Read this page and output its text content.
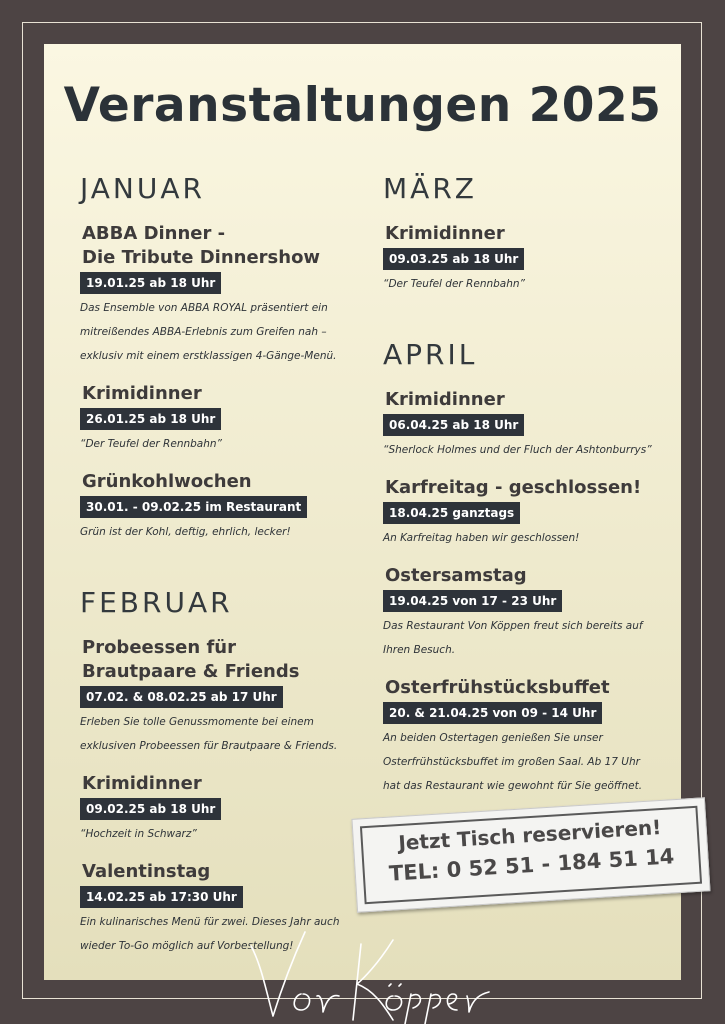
Veranstaltungen 2025
JANUAR
ABBA Dinner -
Die Tribute Dinnershow
19.01.25 ab 18 Uhr
Das Ensemble von ABBA ROYAL präsentiert ein
mitreißendes ABBA-Erlebnis zum Greifen nah –
exklusiv mit einem erstklassigen 4-Gänge-Menü.
Krimidinner
26.01.25 ab 18 Uhr
“Der Teufel der Rennbahn”
Grünkohlwochen
30.01. - 09.02.25 im Restaurant
Grün ist der Kohl, deftig, ehrlich, lecker!
FEBRUAR
Probeessen für
Brautpaare & Friends
07.02. & 08.02.25 ab 17 Uhr
Erleben Sie tolle Genussmomente bei einem
exklusiven Probeessen für Brautpaare & Friends.
Krimidinner
09.02.25 ab 18 Uhr
“Hochzeit in Schwarz”
Valentinstag
14.02.25 ab 17:30 Uhr
Ein kulinarisches Menü für zwei. Dieses Jahr auch
wieder To-Go möglich auf Vorbestellung!
MÄRZ
Krimidinner
09.03.25 ab 18 Uhr
“Der Teufel der Rennbahn”
APRIL
Krimidinner
06.04.25 ab 18 Uhr
“Sherlock Holmes und der Fluch der Ashtonburrys”
Karfreitag - geschlossen!
18.04.25 ganztags
An Karfreitag haben wir geschlossen!
Ostersamstag
19.04.25 von 17 - 23 Uhr
Das Restaurant Von Köppen freut sich bereits auf
Ihren Besuch.
Osterfrühstücksbuffet
20. & 21.04.25 von 09 - 14 Uhr
An beiden Ostertagen genießen Sie unser
Osterfrühstücksbuffet im großen Saal. Ab 17 Uhr
hat das Restaurant wie gewohnt für Sie geöffnet.
Jetzt Tisch reservieren!
TEL: 0 52 51 - 184 51 14
